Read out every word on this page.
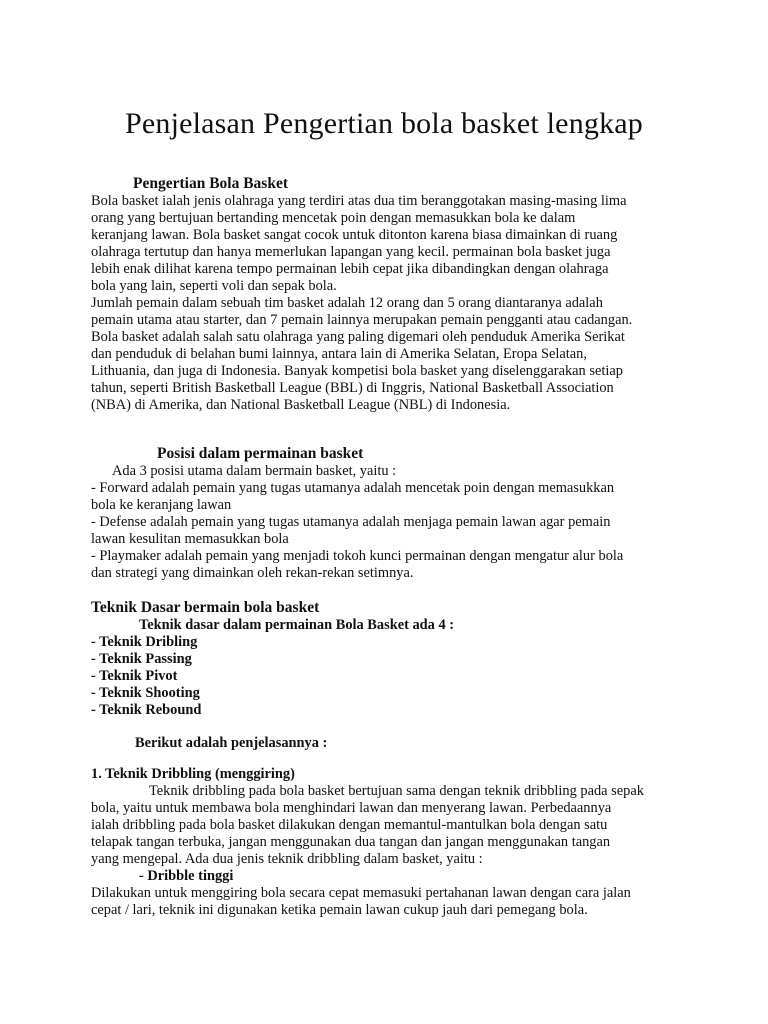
Penjelasan Pengertian bola basket lengkap

Pengertian Bola Basket

Bola basket ialah jenis olahraga yang terdiri atas dua tim beranggotakan masing-masing lima

orang yang bertujuan bertanding mencetak poin dengan memasukkan bola ke dalam

keranjang lawan. Bola basket sangat cocok untuk ditonton karena biasa dimainkan di ruang

olahraga tertutup dan hanya memerlukan lapangan yang kecil. permainan bola basket juga

lebih enak dilihat karena tempo permainan lebih cepat jika dibandingkan dengan olahraga

bola yang lain, seperti voli dan sepak bola.

Jumlah pemain dalam sebuah tim basket adalah 12 orang dan 5 orang diantaranya adalah

pemain utama atau starter, dan 7 pemain lainnya merupakan pemain pengganti atau cadangan.

Bola basket adalah salah satu olahraga yang paling digemari oleh penduduk Amerika Serikat

dan penduduk di belahan bumi lainnya, antara lain di Amerika Selatan, Eropa Selatan,

Lithuania, dan juga di Indonesia. Banyak kompetisi bola basket yang diselenggarakan setiap

tahun, seperti British Basketball League (BBL) di Inggris, National Basketball Association

(NBA) di Amerika, dan National Basketball League (NBL) di Indonesia.

Posisi dalam permainan basket

Ada 3 posisi utama dalam bermain basket, yaitu :

- Forward adalah pemain yang tugas utamanya adalah mencetak poin dengan memasukkan

bola ke keranjang lawan

- Defense adalah pemain yang tugas utamanya adalah menjaga pemain lawan agar pemain

lawan kesulitan memasukkan bola

- Playmaker adalah pemain yang menjadi tokoh kunci permainan dengan mengatur alur bola

dan strategi yang dimainkan oleh rekan-rekan setimnya.

Teknik Dasar bermain bola basket

Teknik dasar dalam permainan Bola Basket ada 4 :

- Teknik Dribling

- Teknik Passing

- Teknik Pivot

- Teknik Shooting

- Teknik Rebound

Berikut adalah penjelasannya :

1. Teknik Dribbling (menggiring)

Teknik dribbling pada bola basket bertujuan sama dengan teknik dribbling pada sepak

bola, yaitu untuk membawa bola menghindari lawan dan menyerang lawan. Perbedaannya

ialah dribbling pada bola basket dilakukan dengan memantul-mantulkan bola dengan satu

telapak tangan terbuka, jangan menggunakan dua tangan dan jangan menggunakan tangan

yang mengepal. Ada dua jenis teknik dribbling dalam basket, yaitu :

- Dribble tinggi

Dilakukan untuk menggiring bola secara cepat memasuki pertahanan lawan dengan cara jalan

cepat / lari, teknik ini digunakan ketika pemain lawan cukup jauh dari pemegang bola.
